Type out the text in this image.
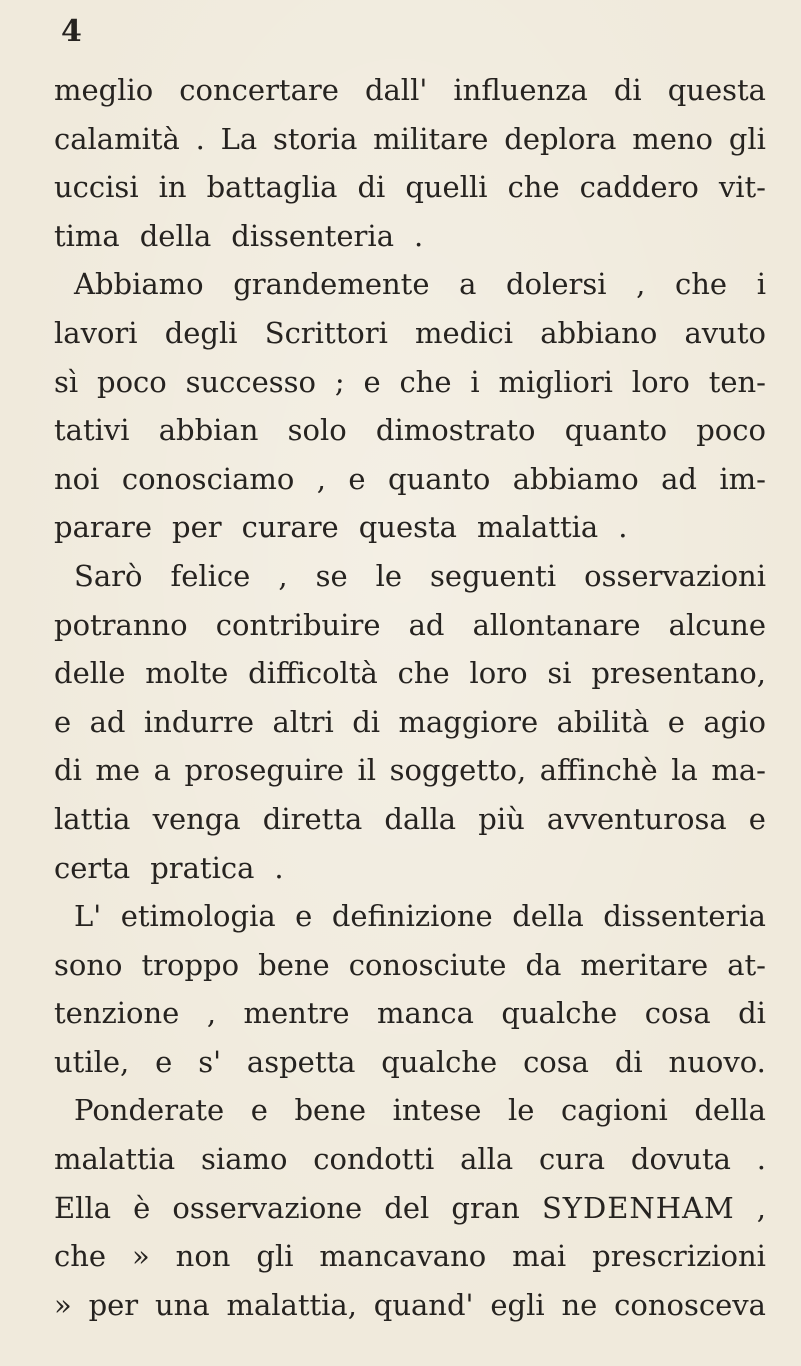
4

meglio concertare dall' influenza di questa
calamità . La storia militare deplora meno gli
uccisi in battaglia di quelli che caddero vit-
tima della dissenteria .
Abbiamo grandemente a dolersi , che i
lavori degli Scrittori medici abbiano avuto
sì poco successo ; e che i migliori loro ten-
tativi abbian solo dimostrato quanto poco
noi conosciamo , e quanto abbiamo ad im-
parare per curare questa malattia .
Sarò felice , se le seguenti osservazioni
potranno contribuire ad allontanare alcune
delle molte difficoltà che loro si presentano,
e ad indurre altri di maggiore abilità e agio
di me a proseguire il soggetto, affinchè la ma-
lattia venga diretta dalla più avventurosa e
certa pratica .
L' etimologia e definizione della dissenteria
sono troppo bene conosciute da meritare at-
tenzione , mentre manca qualche cosa di
utile, e s' aspetta qualche cosa di nuovo.
Ponderate e bene intese le cagioni della
malattia siamo condotti alla cura dovuta .
Ella è osservazione del gran SYDENHAM ,
che » non gli mancavano mai prescrizioni
» per una malattia, quand' egli ne conosceva
